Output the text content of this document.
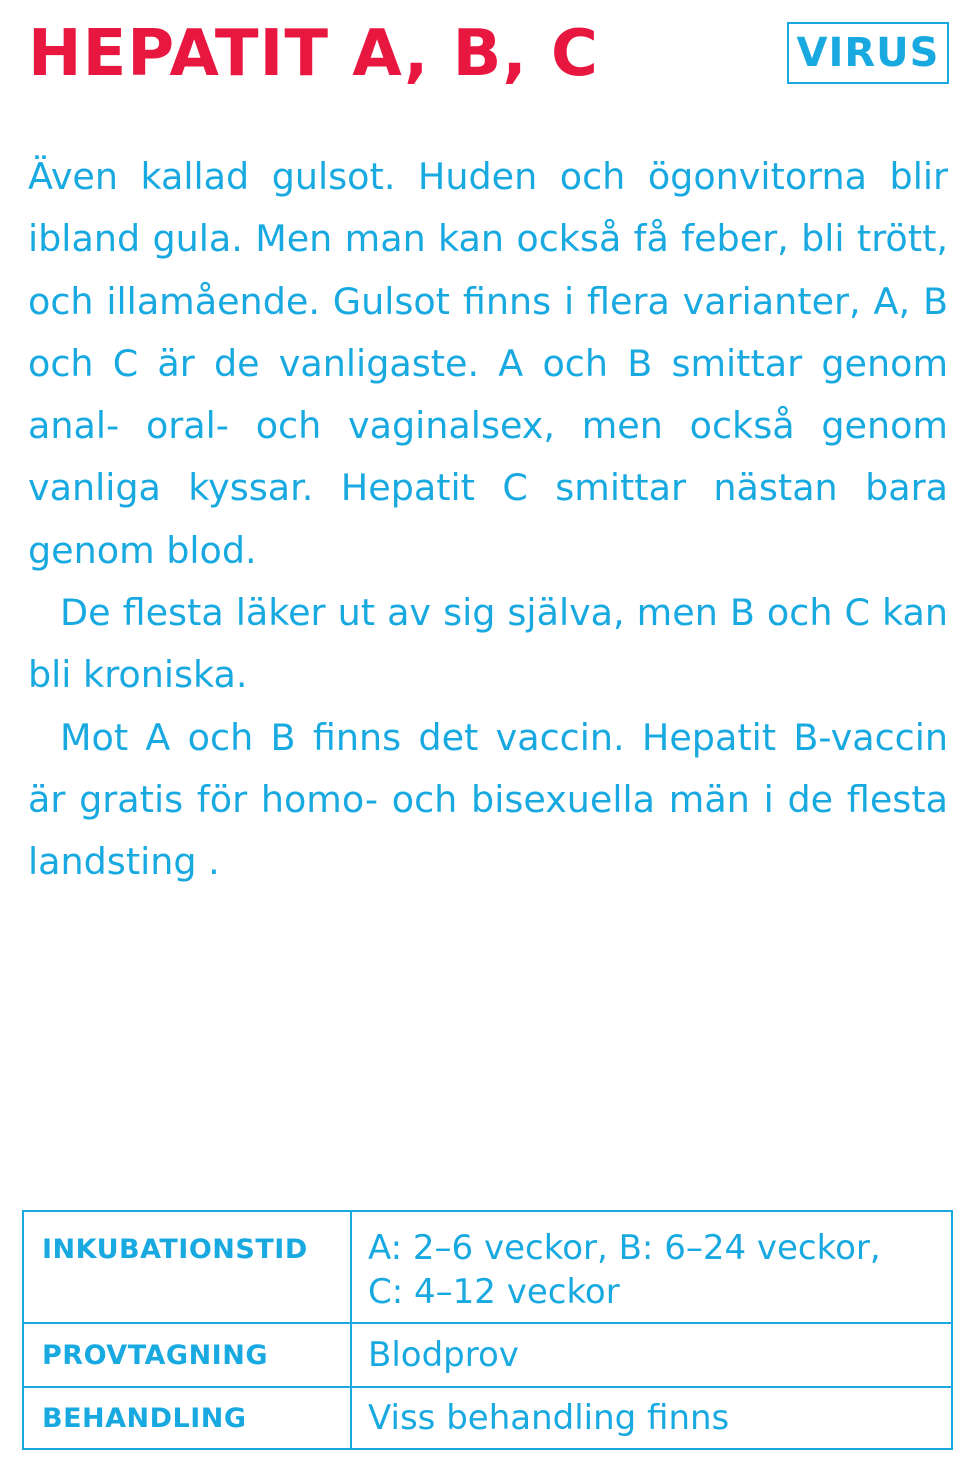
HEPATIT A, B, C	VIRUS

Även kallad gulsot. Huden och ögonvitorna blir ibland gula. Men man kan också få feber, bli trött, och illamående. Gulsot finns i flera varianter, A, B och C är de vanligaste. A och B smittar genom anal- oral- och vaginalsex, men också genom vanliga kyssar. Hepatit C smittar nästan bara genom blod.

De flesta läker ut av sig själva, men B och C kan bli kroniska.

Mot A och B finns det vaccin. Hepatit B-vaccin är gratis för homo- och bisexuella män i de flesta landsting .

INKUBATIONSTID	A: 2–6 veckor, B: 6–24 veckor,
C: 4–12 veckor

PROVTAGNING	Blodprov
BEHANDLING	Viss behandling finns
